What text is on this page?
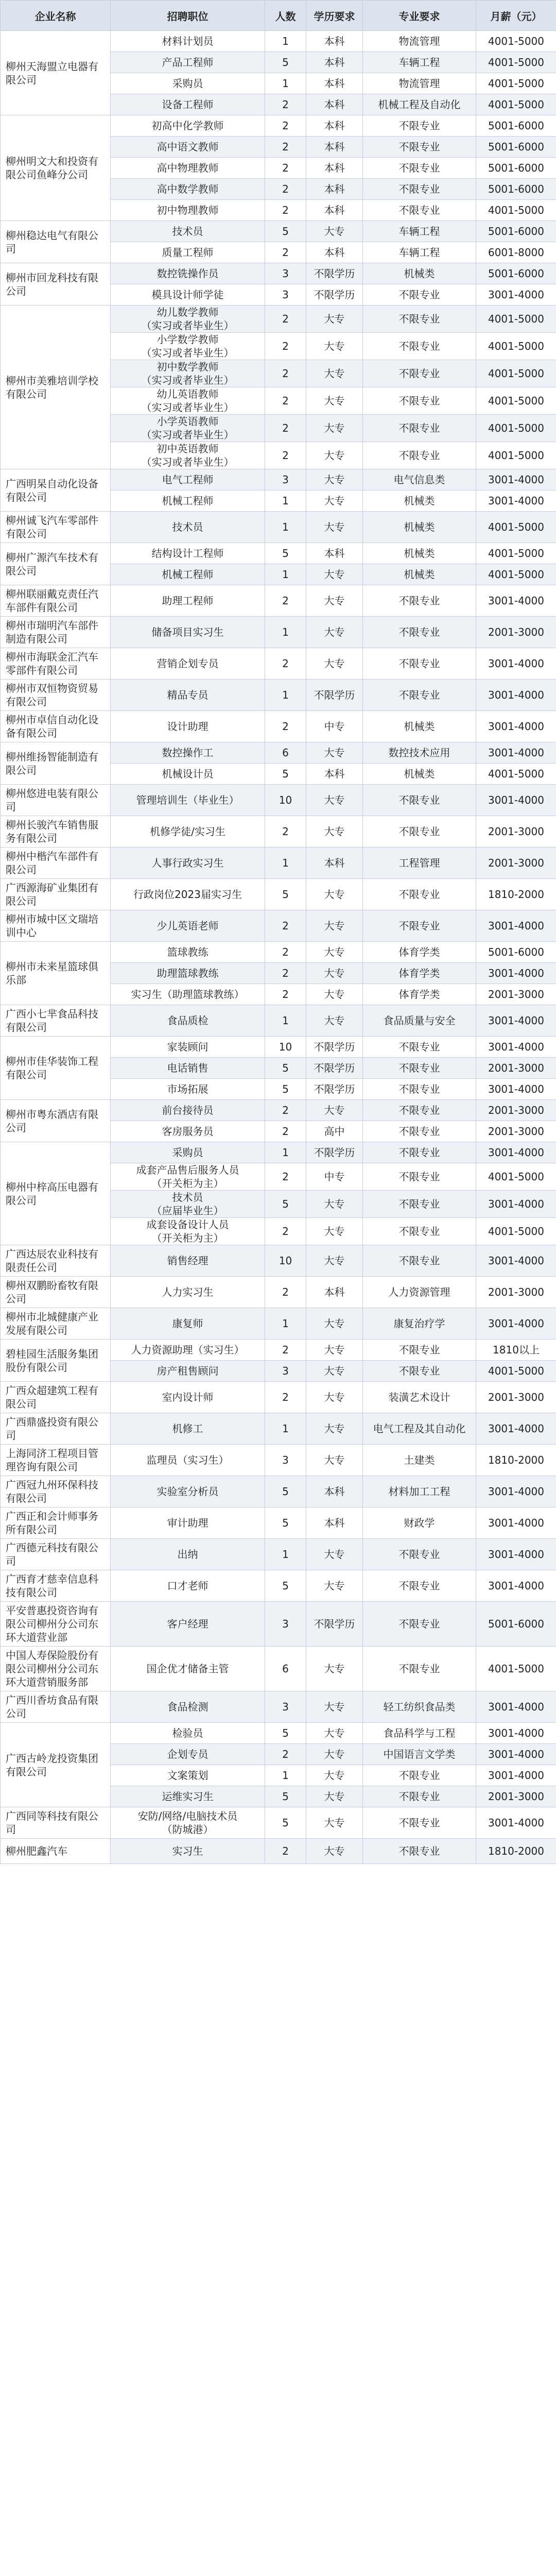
企业名称	招聘职位	人数	学历要求	专业要求	月薪（元）
柳州天海盟立电器有限公司	材料计划员	1	本科	物流管理	4001-5000
	产品工程师	5	本科	车辆工程	4001-5000
	采购员	1	本科	物流管理	4001-5000
	设备工程师	2	本科	机械工程及自动化	4001-5000
柳州明文大和投资有限公司鱼峰分公司	初高中化学教师	2	本科	不限专业	5001-6000
	高中语文教师	2	本科	不限专业	5001-6000
	高中物理教师	2	本科	不限专业	5001-6000
	高中数学教师	2	本科	不限专业	5001-6000
	初中物理教师	2	本科	不限专业	4001-5000
柳州稳达电气有限公司	技术员	5	大专	车辆工程	5001-6000
	质量工程师	2	本科	车辆工程	6001-8000
柳州市回龙科技有限公司	数控铣操作员	3	不限学历	机械类	5001-6000
	模具设计师学徒	3	不限学历	不限专业	3001-4000
柳州市美雅培训学校有限公司	幼儿数学教师
（实习或者毕业生）	2	大专	不限专业	4001-5000
	小学数学教师
（实习或者毕业生）	2	大专	不限专业	4001-5000
	初中数学教师
（实习或者毕业生）	2	大专	不限专业	4001-5000
	幼儿英语教师
（实习或者毕业生）	2	大专	不限专业	4001-5000
	小学英语教师
（实习或者毕业生）	2	大专	不限专业	4001-5000
	初中英语教师
（实习或者毕业生）	2	大专	不限专业	4001-5000
广西明杲自动化设备有限公司	电气工程师	3	大专	电气信息类	3001-4000
	机械工程师	1	大专	机械类	3001-4000
柳州诚飞汽车零部件有限公司	技术员	1	大专	机械类	4001-5000
柳州广源汽车技术有限公司	结构设计工程师	5	本科	机械类	4001-5000
	机械工程师	1	大专	机械类	4001-5000
柳州联丽戴克责任汽车部件有限公司	助理工程师	2	大专	不限专业	3001-4000
柳州市瑞明汽车部件制造有限公司	储备项目实习生	1	大专	不限专业	2001-3000
柳州市海联金汇汽车零部件有限公司	营销企划专员	2	大专	不限专业	3001-4000
柳州市双恒物资贸易有限公司	精品专员	1	不限学历	不限专业	3001-4000
柳州市卓信自动化设备有限公司	设计助理	2	中专	机械类	3001-4000
柳州维扬智能制造有限公司	数控操作工	6	大专	数控技术应用	3001-4000
	机械设计员	5	本科	机械类	4001-5000
柳州悠进电装有限公司	管理培训生（毕业生）	10	大专	不限专业	3001-4000
柳州长骏汽车销售服务有限公司	机修学徒/实习生	2	大专	不限专业	2001-3000
柳州中楷汽车部件有限公司	人事行政实习生	1	本科	工程管理	2001-3000
广西源海矿业集团有限公司	行政岗位2023届实习生	5	大专	不限专业	1810-2000
柳州市城中区文瑞培训中心	少儿英语老师	2	大专	不限专业	3001-4000
柳州市未来星篮球俱乐部	篮球教练	2	大专	体育学类	5001-6000
	助理篮球教练	2	大专	体育学类	3001-4000
	实习生（助理篮球教练）	2	大专	体育学类	2001-3000
广西小七芈食品科技有限公司	食品质检	1	大专	食品质量与安全	3001-4000
柳州市佳华装饰工程有限公司	家装顾问	10	不限学历	不限专业	3001-4000
	电话销售	5	不限学历	不限专业	2001-3000
	市场拓展	5	不限学历	不限专业	3001-4000
柳州市粤东酒店有限公司	前台接待员	2	大专	不限专业	2001-3000
	客房服务员	2	高中	不限专业	2001-3000
柳州中梓高压电器有限公司	采购员	1	不限学历	不限专业	3001-4000
	成套产品售后服务人员
（开关柜为主）	2	中专	不限专业	4001-5000
	技术员
（应届毕业生）	5	大专	不限专业	3001-4000
	成套设备设计人员
（开关柜为主）	2	大专	不限专业	4001-5000
广西达辰农业科技有限责任公司	销售经理	10	大专	不限专业	3001-4000
柳州双鹏盼畜牧有限公司	人力实习生	2	本科	人力资源管理	2001-3000
柳州市北城健康产业发展有限公司	康复师	1	大专	康复治疗学	3001-4000
碧桂园生活服务集团股份有限公司	人力资源助理（实习生）	2	大专	不限专业	1810以上
	房产租售顾问	3	大专	不限专业	4001-5000
广西众超建筑工程有限公司	室内设计师	2	大专	装潢艺术设计	2001-3000
广西鼎盛投资有限公司	机修工	1	大专	电气工程及其自动化	3001-4000
上海同济工程项目管理咨询有限公司	监理员（实习生）	3	大专	土建类	1810-2000
广西冠九州环保科技有限公司	实验室分析员	5	本科	材料加工工程	3001-4000
广西正和会计师事务所有限公司	审计助理	5	本科	财政学	3001-4000
广西德元科技有限公司	出纳	1	大专	不限专业	3001-4000
广西育才慈幸信息科技有限公司	口才老师	5	大专	不限专业	3001-4000
平安普惠投资咨询有限公司柳州分公司东环大道营业部	客户经理	3	不限学历	不限专业	5001-6000
中国人寿保险股份有限公司柳州分公司东环大道营销服务部	国企优才储备主管	6	大专	不限专业	4001-5000
广西川香坊食品有限公司	食品检测	3	大专	轻工纺织食品类	3001-4000
广西古岭龙投资集团有限公司	检验员	5	大专	食品科学与工程	3001-4000
	企划专员	2	大专	中国语言文学类	3001-4000
	文案策划	1	大专	不限专业	3001-4000
	运维实习生	5	大专	不限专业	2001-3000
广西同等科技有限公司	安防/网络/电脑技术员
（防城港）	5	大专	不限专业	3001-4000
柳州肥鑫汽车	实习生	2	大专	不限专业	1810-2000
